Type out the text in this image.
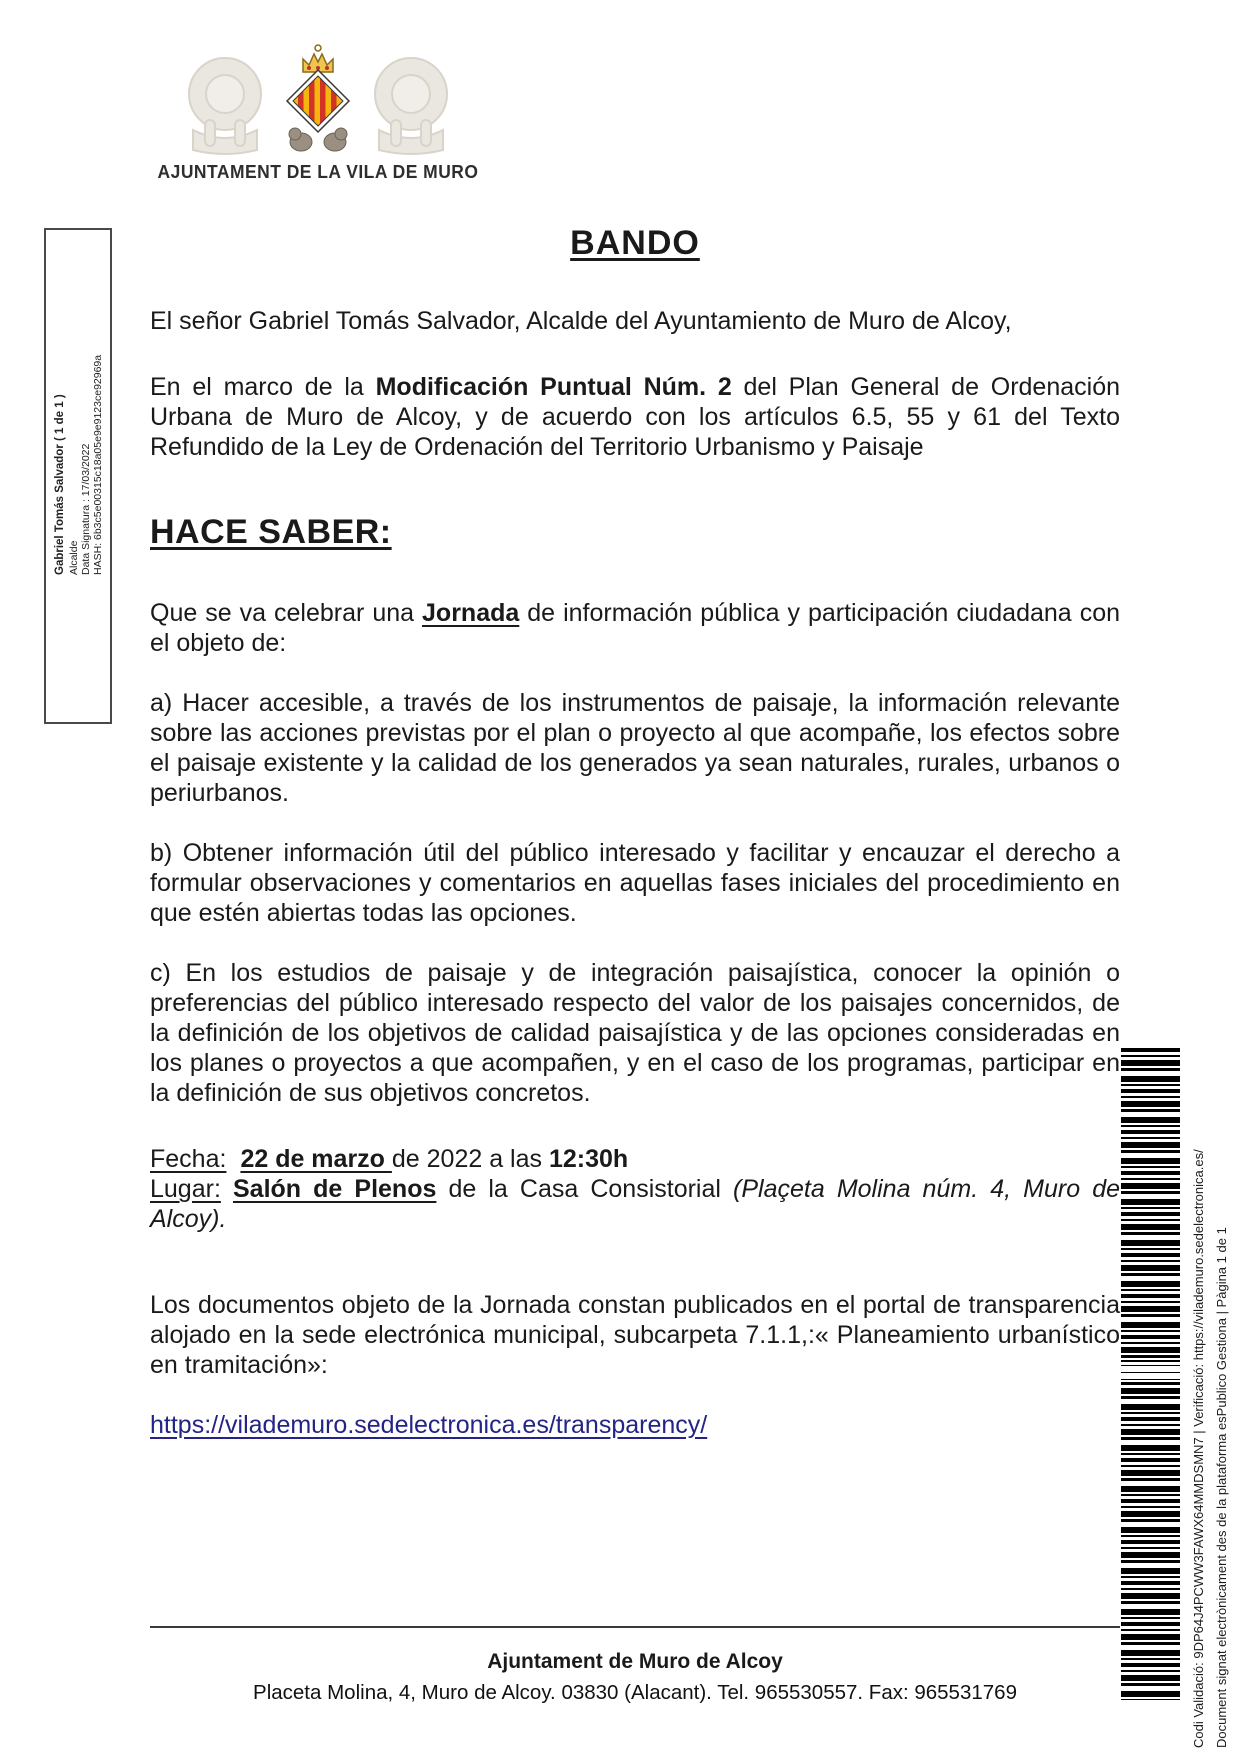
AJUNTAMENT DE LA VILA DE MURO
Gabriel Tomás Salvador ( 1 de 1 ) Alcalde Data Signatura : 17/03/2022 HASH: 6b3c5e00315c18a05e9e9123ce92969a
BANDO

El señor Gabriel Tomás Salvador, Alcalde del Ayuntamiento de Muro de Alcoy,

En el marco de la Modificación Puntual Núm. 2 del Plan General de Ordenación Urbana de Muro de Alcoy, y de acuerdo con los artículos 6.5, 55 y 61 del Texto Refundido de la Ley de Ordenación del Territorio Urbanismo y Paisaje

HACE SABER:

Que se va celebrar una Jornada de información pública y participación ciudadana con el objeto de:

a) Hacer accesible, a través de los instrumentos de paisaje, la información relevante sobre las acciones previstas por el plan o proyecto al que acompañe, los efectos sobre el paisaje existente y la calidad de los generados ya sean naturales, rurales, urbanos o periurbanos.

b) Obtener información útil del público interesado y facilitar y encauzar el derecho a formular observaciones y comentarios en aquellas fases iniciales del procedimiento en que estén abiertas todas las opciones.

c) En los estudios de paisaje y de integración paisajística, conocer la opinión o preferencias del público interesado respecto del valor de los paisajes concernidos, de la definición de los objetivos de calidad paisajística y de las opciones consideradas en los planes o proyectos a que acompañen, y en el caso de los programas, participar en la definición de sus objetivos concretos.

Fecha: 22 de marzo de 2022 a las 12:30h

Lugar: Salón de Plenos de la Casa Consistorial (Plaçeta Molina núm. 4, Muro de Alcoy).

Los documentos objeto de la Jornada constan publicados en el portal de transparencia alojado en la sede electrónica municipal, subcarpeta 7.1.1,:« Planeamiento urbanístico en tramitación»:

https://vilademuro.sedelectronica.es/transparency/	Codi Validació: 9DP64J4PCWW3FAWX64MMDSMN7 | Verificació: https://vilademuro.sedelectronica.es/ Document signat electrònicament des de la plataforma esPublico Gestiona | Pàgina 1 de 1
Ajuntament de Muro de Alcoy
Placeta Molina, 4, Muro de Alcoy. 03830 (Alacant). Tel. 965530557. Fax: 965531769
